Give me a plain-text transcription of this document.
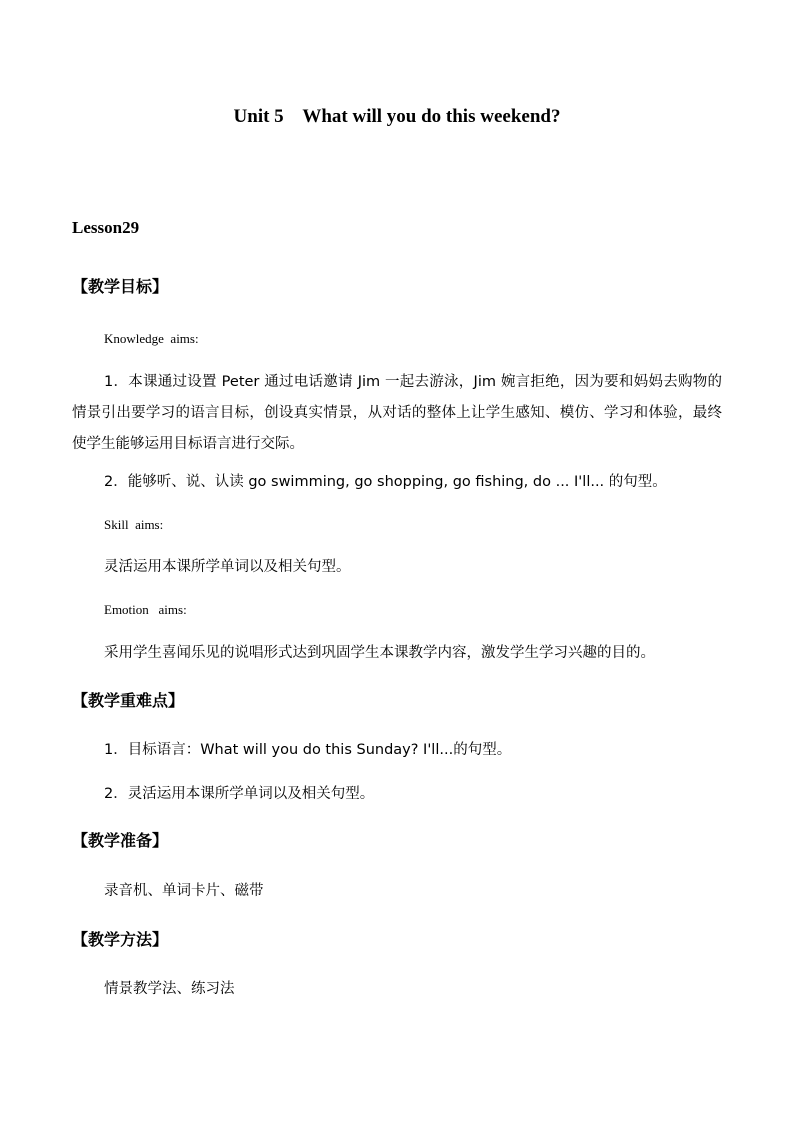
Unit 5    What will you do this weekend?
Lesson29
【教学目标】
Knowledge  aims:
1．本课通过设置 Peter 通过电话邀请 Jim 一起去游泳，Jim 婉言拒绝，因为要和妈妈去购物的情景引出要学习的语言目标，创设真实情景，从对话的整体上让学生感知、模仿、学习和体验，最终使学生能够运用目标语言进行交际。
2．能够听、说、认读 go swimming, go shopping, go fishing, do ... I'll... 的句型。
Skill  aims:
灵活运用本课所学单词以及相关句型。
Emotion   aims:
采用学生喜闻乐见的说唱形式达到巩固学生本课教学内容，激发学生学习兴趣的目的。
【教学重难点】
1．目标语言：What will you do this Sunday? I'll...的句型。
2．灵活运用本课所学单词以及相关句型。
【教学准备】
录音机、单词卡片、磁带
【教学方法】
情景教学法、练习法
